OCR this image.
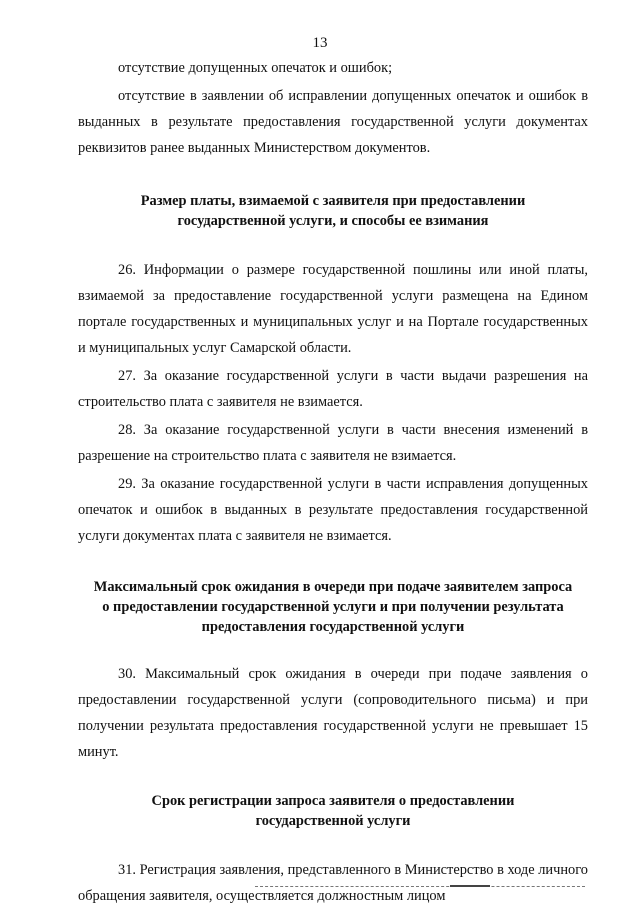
13

отсутствие допущенных опечаток и ошибок;

отсутствие в заявлении об исправлении допущенных опечаток и ошибок в выданных в результате предоставления государственной услуги документах реквизитов ранее выданных Министерством документов.

Размер платы, взимаемой с заявителя при предоставлении
государственной услуги, и способы ее взимания

26. Информации о размере государственной пошлины или иной платы, взимаемой за предоставление государственной услуги размещена на Едином портале государственных и муниципальных услуг и на Портале государственных и муниципальных услуг Самарской области.

27. За оказание государственной услуги в части выдачи разрешения на строительство плата с заявителя не взимается.

28. За оказание государственной услуги в части внесения изменений в разрешение на строительство плата с заявителя не взимается.

29. За оказание государственной услуги в части исправления допущенных опечаток и ошибок в выданных в результате предоставления государственной услуги документах плата с заявителя не взимается.

Максимальный срок ожидания в очереди при подаче заявителем запроса
о предоставлении государственной услуги и при получении результата
предоставления государственной услуги

30. Максимальный срок ожидания в очереди при подаче заявления о предоставлении государственной услуги (сопроводительного письма) и при получении результата предоставления государственной услуги не превышает 15 минут.

Срок регистрации запроса заявителя о предоставлении
государственной услуги

31. Регистрация заявления, представленного в Министерство в ходе личного обращения заявителя, осуществляется должностным лицом
